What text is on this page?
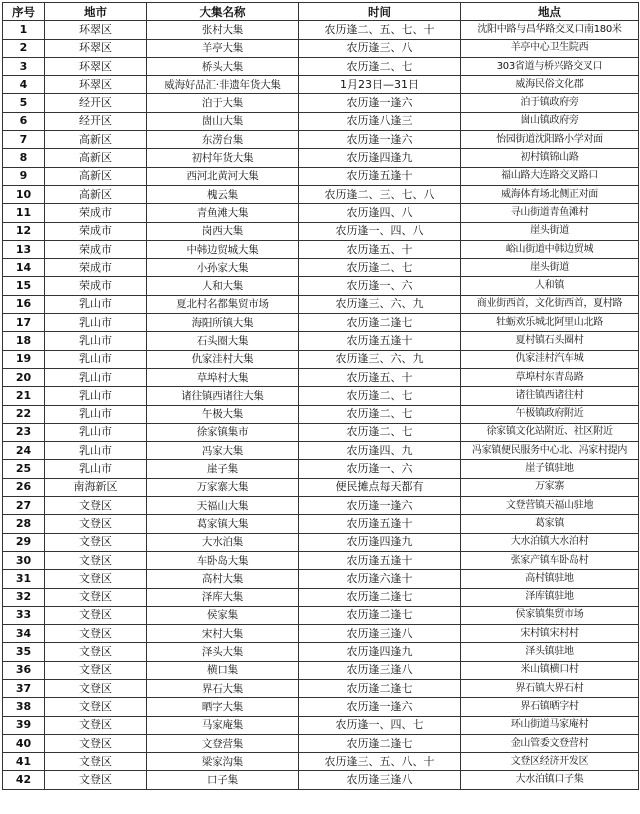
序号	地市	大集名称	时间	地点
1	环翠区	张村大集	农历逢二、五、七、十	沈阳中路与昌华路交叉口南180米
2	环翠区	羊亭大集	农历逢三、八	羊亭中心卫生院西
3	环翠区	桥头大集	农历逢二、七	303省道与桥兴路交叉口
4	环翠区	威海好品汇·非遗年货大集	1月23日—31日	威海民俗文化郡
5	经开区	泊于大集	农历逢一逢六	泊于镇政府旁
6	经开区	崮山大集	农历逢八逢三	崮山镇政府旁
7	高新区	东涝台集	农历逢一逢六	怡园街道沈阳路小学对面
8	高新区	初村年货大集	农历逢四逢九	初村镇锦山路
9	高新区	西河北黄河大集	农历逢五逢十	福山路大连路交叉路口
10	高新区	槐云集	农历逢二、三、七、八	威海体育场北侧正对面
11	荣成市	青鱼滩大集	农历逢四、八	寻山街道青鱼滩村
12	荣成市	岗西大集	农历逢一、四、八	崖头街道
13	荣成市	中韩边贸城大集	农历逢五、十	峪山街道中韩边贸城
14	荣成市	小孙家大集	农历逢二、七	崖头街道
15	荣成市	人和大集	农历逢一、六	人和镇
16	乳山市	夏北村名都集贸市场	农历逢三、六、九	商业街西首，文化街西首，夏村路
17	乳山市	海阳所镇大集	农历逢二逢七	牡蛎欢乐城北阿里山北路
18	乳山市	石头圈大集	农历逢五逢十	夏村镇石头圈村
19	乳山市	仇家洼村大集	农历逢三、六、九	仇家洼村汽车城
20	乳山市	草埠村大集	农历逢五、十	草埠村东青岛路
21	乳山市	诸往镇西诸往大集	农历逢二、七	诸往镇西诸往村
22	乳山市	午极大集	农历逢二、七	午极镇政府附近
23	乳山市	徐家镇集市	农历逢二、七	徐家镇文化站附近、社区附近
24	乳山市	冯家大集	农历逢四、九	冯家镇便民服务中心北、冯家村提内
25	乳山市	崖子集	农历逢一、六	崖子镇驻地
26	南海新区	万家寨大集	便民摊点每天都有	万家寨
27	文登区	天福山大集	农历逢一逢六	文登营镇天福山驻地
28	文登区	葛家镇大集	农历逢五逢十	葛家镇
29	文登区	大水泊集	农历逢四逢九	大水泊镇大水泊村
30	文登区	车卧岛大集	农历逢五逢十	张家产镇车卧岛村
31	文登区	高村大集	农历逢六逢十	高村镇驻地
32	文登区	泽库大集	农历逢二逢七	泽库镇驻地
33	文登区	侯家集	农历逢二逢七	侯家镇集贸市场
34	文登区	宋村大集	农历逢三逢八	宋村镇宋村村
35	文登区	泽头大集	农历逢四逢九	泽头镇驻地
36	文登区	横口集	农历逢三逢八	米山镇横口村
37	文登区	界石大集	农历逢二逢七	界石镇大界石村
38	文登区	晒字大集	农历逢一逢六	界石镇晒字村
39	文登区	马家庵集	农历逢一、四、七	环山街道马家庵村
40	文登区	文登营集	农历逢二逢七	金山管委文登营村
41	文登区	梁家沟集	农历逢三、五、八、十	文登区经济开发区
42	文登区	口子集	农历逢三逢八	大水泊镇口子集
